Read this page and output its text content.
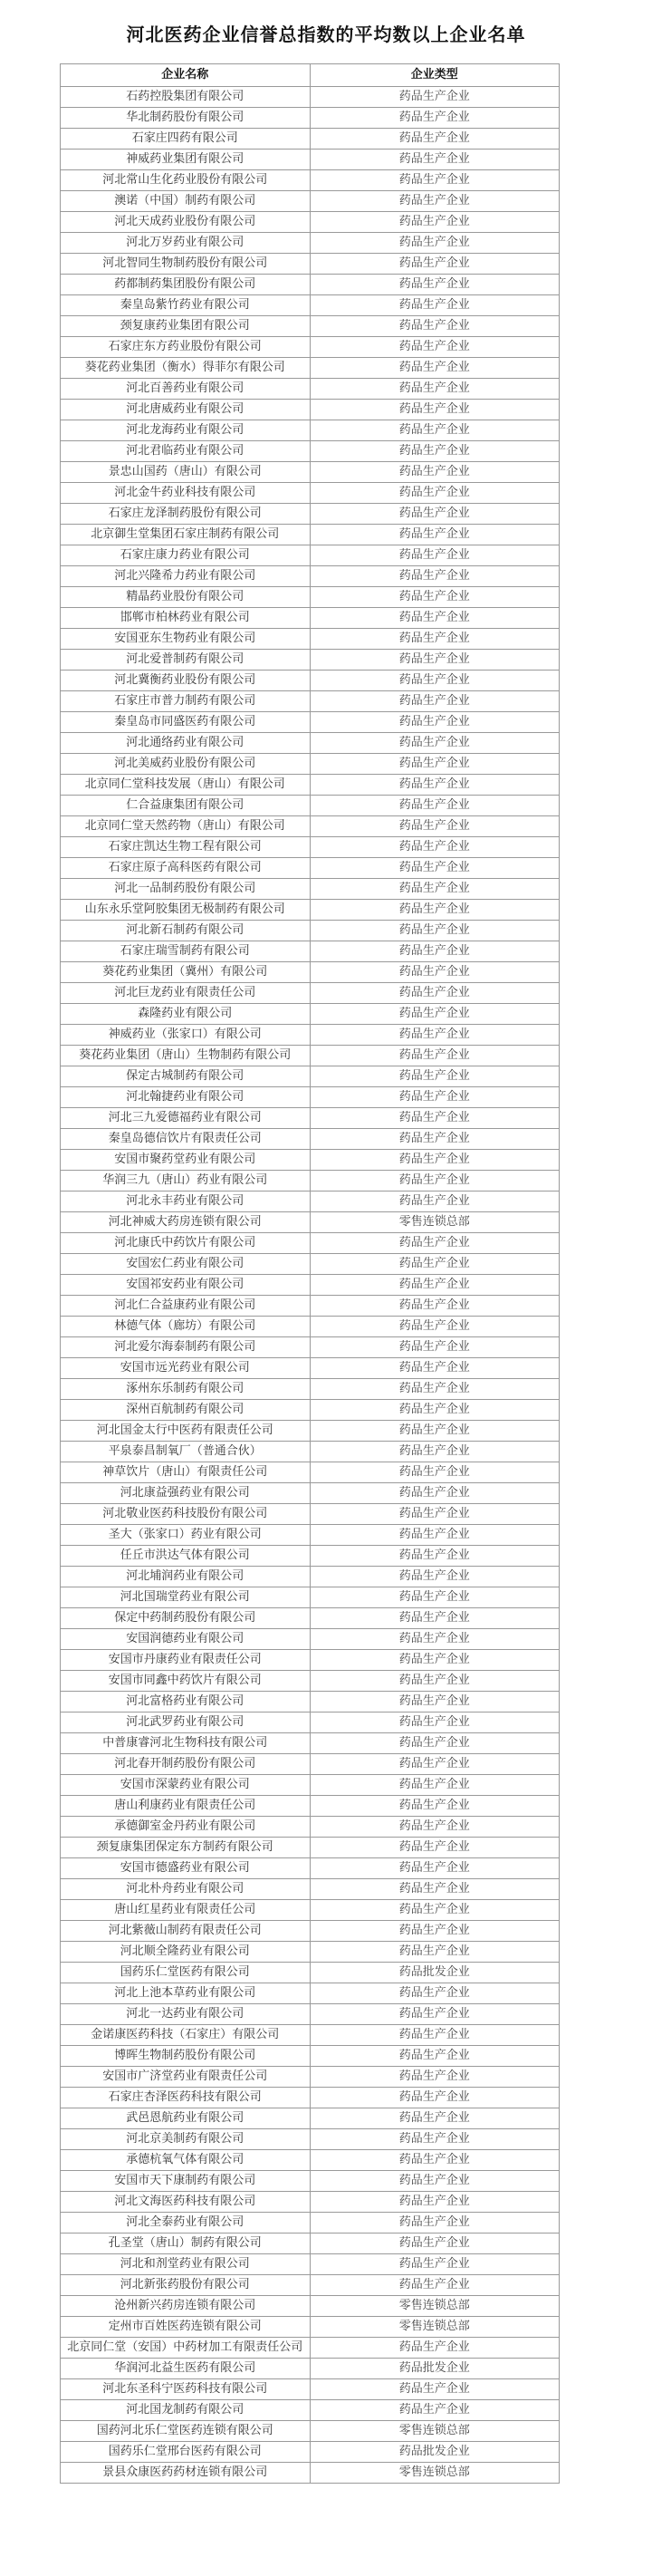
河北医药企业信誉总指数的平均数以上企业名单
企业名称	企业类型
石药控股集团有限公司	药品生产企业
华北制药股份有限公司	药品生产企业
石家庄四药有限公司	药品生产企业
神威药业集团有限公司	药品生产企业
河北常山生化药业股份有限公司	药品生产企业
澳诺（中国）制药有限公司	药品生产企业
河北天成药业股份有限公司	药品生产企业
河北万岁药业有限公司	药品生产企业
河北智同生物制药股份有限公司	药品生产企业
药都制药集团股份有限公司	药品生产企业
秦皇岛紫竹药业有限公司	药品生产企业
颈复康药业集团有限公司	药品生产企业
石家庄东方药业股份有限公司	药品生产企业
葵花药业集团（衡水）得菲尔有限公司	药品生产企业
河北百善药业有限公司	药品生产企业
河北唐威药业有限公司	药品生产企业
河北龙海药业有限公司	药品生产企业
河北君临药业有限公司	药品生产企业
景忠山国药（唐山）有限公司	药品生产企业
河北金牛药业科技有限公司	药品生产企业
石家庄龙泽制药股份有限公司	药品生产企业
北京御生堂集团石家庄制药有限公司	药品生产企业
石家庄康力药业有限公司	药品生产企业
河北兴隆希力药业有限公司	药品生产企业
精晶药业股份有限公司	药品生产企业
邯郸市柏林药业有限公司	药品生产企业
安国亚东生物药业有限公司	药品生产企业
河北爱普制药有限公司	药品生产企业
河北冀衡药业股份有限公司	药品生产企业
石家庄市普力制药有限公司	药品生产企业
秦皇岛市同盛医药有限公司	药品生产企业
河北通络药业有限公司	药品生产企业
河北美威药业股份有限公司	药品生产企业
北京同仁堂科技发展（唐山）有限公司	药品生产企业
仁合益康集团有限公司	药品生产企业
北京同仁堂天然药物（唐山）有限公司	药品生产企业
石家庄凯达生物工程有限公司	药品生产企业
石家庄原子高科医药有限公司	药品生产企业
河北一品制药股份有限公司	药品生产企业
山东永乐堂阿胶集团无极制药有限公司	药品生产企业
河北新石制药有限公司	药品生产企业
石家庄瑞雪制药有限公司	药品生产企业
葵花药业集团（冀州）有限公司	药品生产企业
河北巨龙药业有限责任公司	药品生产企业
森隆药业有限公司	药品生产企业
神威药业（张家口）有限公司	药品生产企业
葵花药业集团（唐山）生物制药有限公司	药品生产企业
保定古城制药有限公司	药品生产企业
河北翰捷药业有限公司	药品生产企业
河北三九爱德福药业有限公司	药品生产企业
秦皇岛德信饮片有限责任公司	药品生产企业
安国市聚药堂药业有限公司	药品生产企业
华润三九（唐山）药业有限公司	药品生产企业
河北永丰药业有限公司	药品生产企业
河北神威大药房连锁有限公司	零售连锁总部
河北康氏中药饮片有限公司	药品生产企业
安国宏仁药业有限公司	药品生产企业
安国祁安药业有限公司	药品生产企业
河北仁合益康药业有限公司	药品生产企业
林德气体（廊坊）有限公司	药品生产企业
河北爱尔海泰制药有限公司	药品生产企业
安国市远光药业有限公司	药品生产企业
涿州东乐制药有限公司	药品生产企业
深州百航制药有限公司	药品生产企业
河北国金太行中医药有限责任公司	药品生产企业
平泉泰昌制氧厂（普通合伙）	药品生产企业
神草饮片（唐山）有限责任公司	药品生产企业
河北康益强药业有限公司	药品生产企业
河北敬业医药科技股份有限公司	药品生产企业
圣大（张家口）药业有限公司	药品生产企业
任丘市洪达气体有限公司	药品生产企业
河北埔润药业有限公司	药品生产企业
河北国瑞堂药业有限公司	药品生产企业
保定中药制药股份有限公司	药品生产企业
安国润德药业有限公司	药品生产企业
安国市丹康药业有限责任公司	药品生产企业
安国市同鑫中药饮片有限公司	药品生产企业
河北富格药业有限公司	药品生产企业
河北武罗药业有限公司	药品生产企业
中普康睿河北生物科技有限公司	药品生产企业
河北春开制药股份有限公司	药品生产企业
安国市深蒙药业有限公司	药品生产企业
唐山利康药业有限责任公司	药品生产企业
承德御室金丹药业有限公司	药品生产企业
颈复康集团保定东方制药有限公司	药品生产企业
安国市德盛药业有限公司	药品生产企业
河北朴舟药业有限公司	药品生产企业
唐山红星药业有限责任公司	药品生产企业
河北紫薇山制药有限责任公司	药品生产企业
河北顺全隆药业有限公司	药品生产企业
国药乐仁堂医药有限公司	药品批发企业
河北上池本草药业有限公司	药品生产企业
河北一达药业有限公司	药品生产企业
金诺康医药科技（石家庄）有限公司	药品生产企业
博晖生物制药股份有限公司	药品生产企业
安国市广济堂药业有限责任公司	药品生产企业
石家庄杏泽医药科技有限公司	药品生产企业
武邑恩航药业有限公司	药品生产企业
河北京美制药有限公司	药品生产企业
承德杭氧气体有限公司	药品生产企业
安国市天下康制药有限公司	药品生产企业
河北文海医药科技有限公司	药品生产企业
河北全泰药业有限公司	药品生产企业
孔圣堂（唐山）制药有限公司	药品生产企业
河北和剂堂药业有限公司	药品生产企业
河北新张药股份有限公司	药品生产企业
沧州新兴药房连锁有限公司	零售连锁总部
定州市百姓医药连锁有限公司	零售连锁总部
北京同仁堂（安国）中药材加工有限责任公司	药品生产企业
华润河北益生医药有限公司	药品批发企业
河北东圣科宁医药科技有限公司	药品生产企业
河北国龙制药有限公司	药品生产企业
国药河北乐仁堂医药连锁有限公司	零售连锁总部
国药乐仁堂邢台医药有限公司	药品批发企业
景县众康医药药材连锁有限公司	零售连锁总部
